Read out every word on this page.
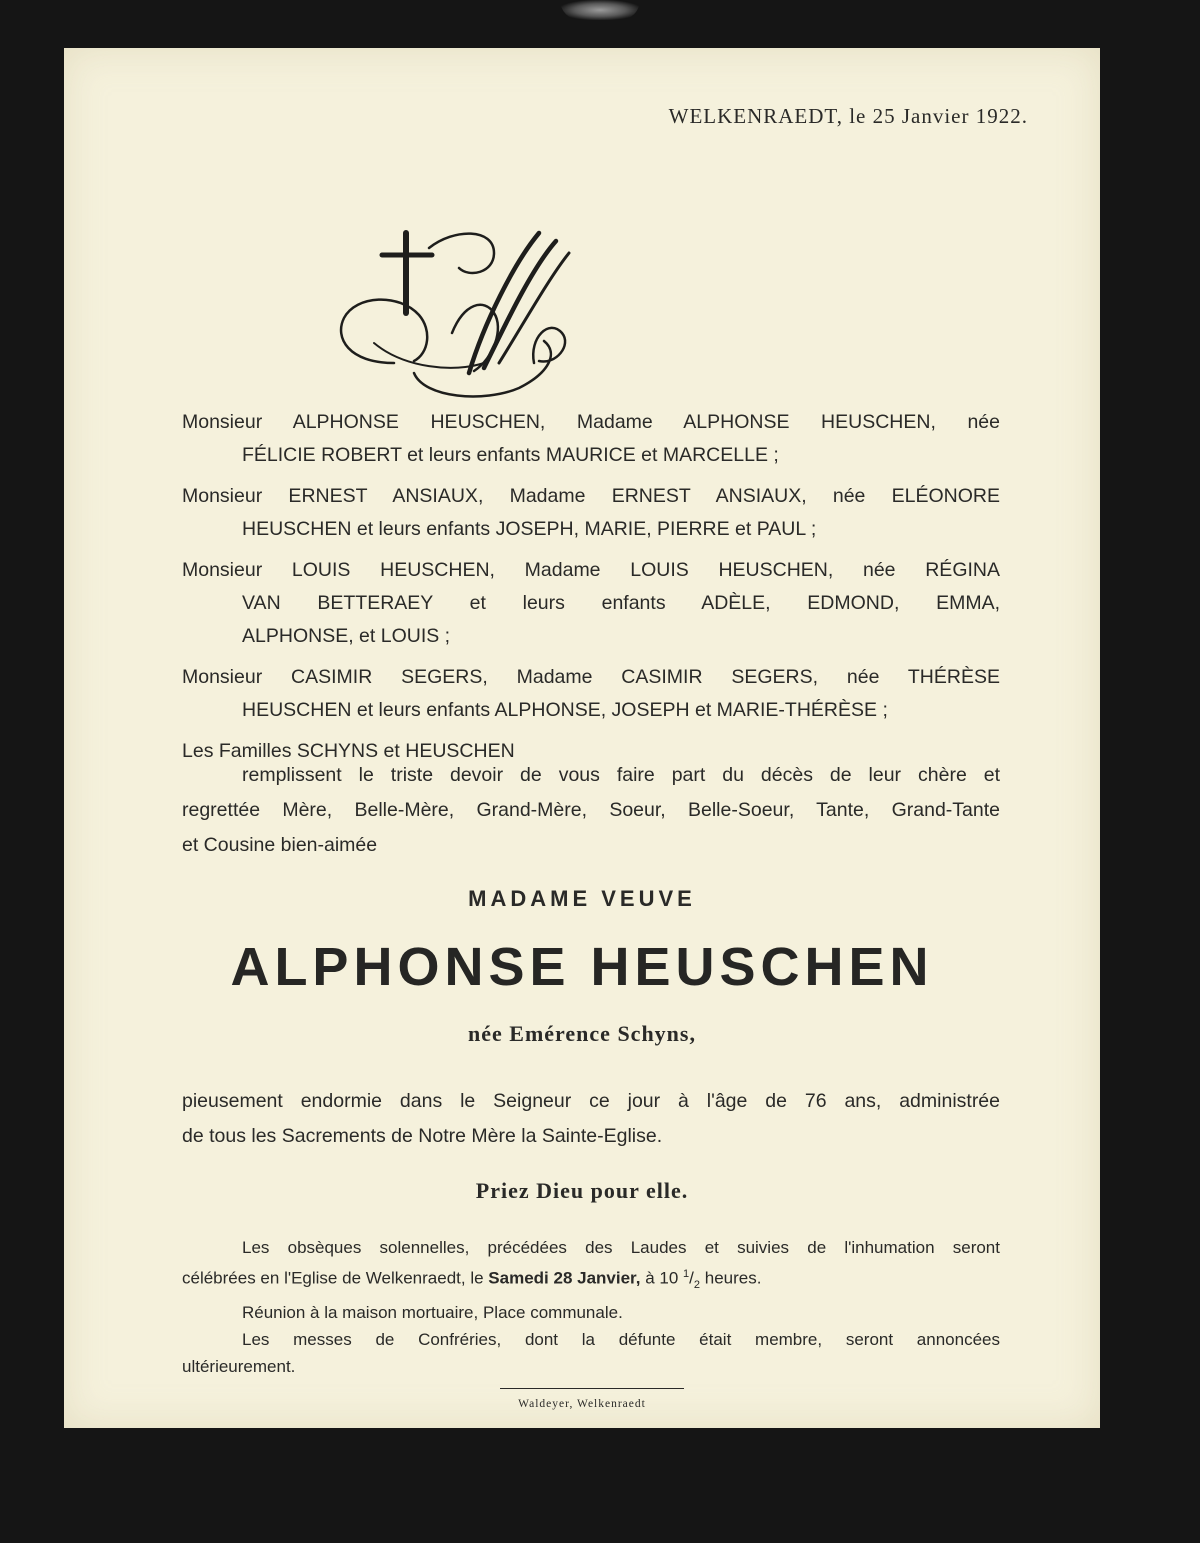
WELKENRAEDT, le 25 Janvier 1922.
Monsieur ALPHONSE HEUSCHEN, Madame ALPHONSE HEUSCHEN, née
FÉLICIE ROBERT et leurs enfants MAURICE et MARCELLE ;
Monsieur ERNEST ANSIAUX, Madame ERNEST ANSIAUX, née ELÉONORE
HEUSCHEN et leurs enfants JOSEPH, MARIE, PIERRE et PAUL ;
Monsieur LOUIS HEUSCHEN, Madame LOUIS HEUSCHEN, née RÉGINA
VAN BETTERAEY et leurs enfants ADÈLE, EDMOND, EMMA,
ALPHONSE, et LOUIS ;
Monsieur CASIMIR SEGERS, Madame CASIMIR SEGERS, née THÉRÈSE
HEUSCHEN et leurs enfants ALPHONSE, JOSEPH et MARIE-THÉRÈSE ;
Les Familles SCHYNS et HEUSCHEN
remplissent le triste devoir de vous faire part du décès de leur chère et
regrettée Mère, Belle-Mère, Grand-Mère, Soeur, Belle-Soeur, Tante, Grand-Tante
et Cousine bien-aimée
MADAME VEUVE
ALPHONSE HEUSCHEN
née Emérence Schyns,
pieusement endormie dans le Seigneur ce jour à l'âge de 76 ans, administrée
de tous les Sacrements de Notre Mère la Sainte-Eglise.
Priez Dieu pour elle.
Les obsèques solennelles, précédées des Laudes et suivies de l'inhumation seront
célébrées en l'Eglise de Welkenraedt, le Samedi 28 Janvier, à 10 $^1/_2$ heures.
Réunion à la maison mortuaire, Place communale.
Les messes de Confréries, dont la défunte était membre, seront annoncées
ultérieurement.
Waldeyer, Welkenraedt
